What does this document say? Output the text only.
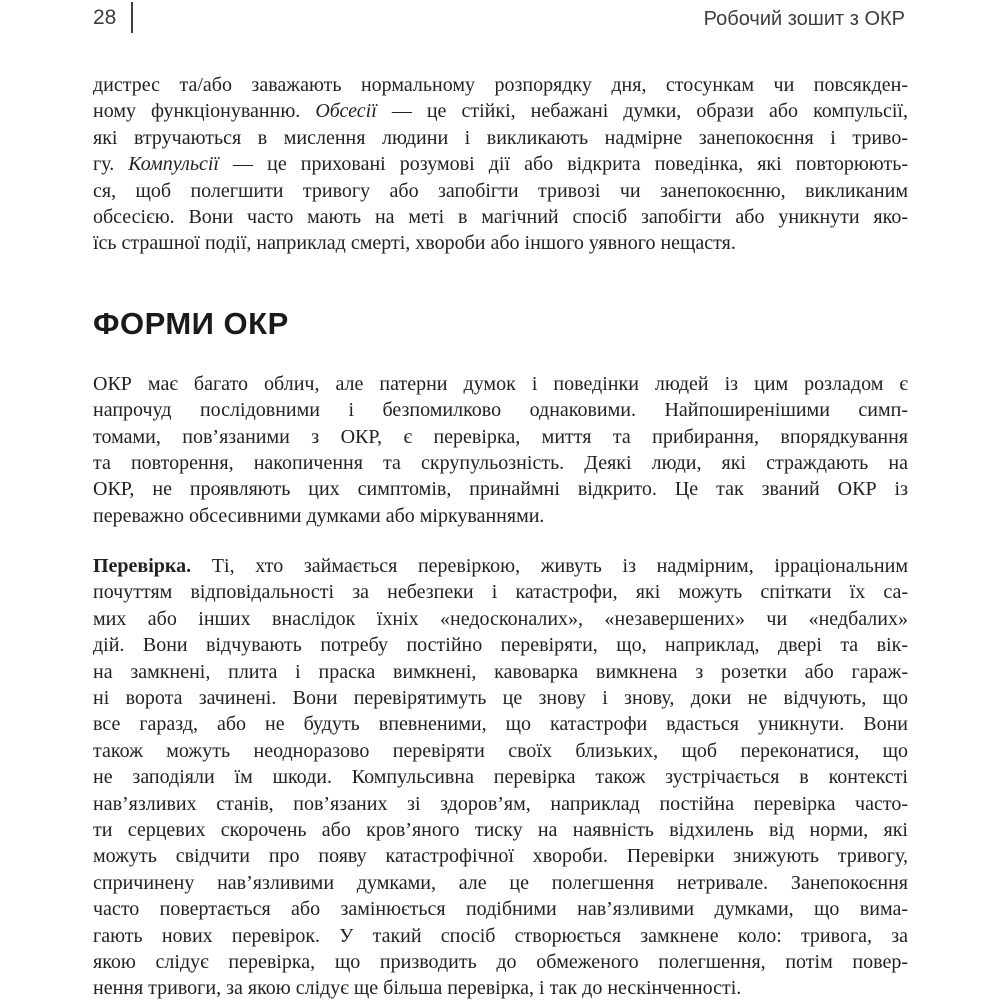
28	Робочий зошит з ОКР
дистрес та/або заважають нормальному розпорядку дня, стосункам чи повсякден-
ному функціонуванню. Обсесії — це стійкі, небажані думки, образи або компульсії,
які втручаються в мислення людини і викликають надмірне занепокоєння і триво-
гу. Компульсії — це приховані розумові дії або відкрита поведінка, які повторюють-
ся, щоб полегшити тривогу або запобігти тривозі чи занепокоєнню, викликаним
обсесією. Вони часто мають на меті в магічний спосіб запобігти або уникнути яко-
їсь страшної події, наприклад смерті, хвороби або іншого уявного нещастя.
ФОРМИ ОКР
ОКР має багато облич, але патерни думок і поведінки людей із цим розладом є
напрочуд послідовними і безпомилково однаковими. Найпоширенішими симп-
томами, пов’язаними з ОКР, є перевірка, миття та прибирання, впорядкування
та повторення, накопичення та скрупульозність. Деякі люди, які страждають на
ОКР, не проявляють цих симптомів, принаймні відкрито. Це так званий ОКР із
переважно обсесивними думками або міркуваннями.
Перевірка. Ті, хто займається перевіркою, живуть із надмірним, ірраціональним
почуттям відповідальності за небезпеки і катастрофи, які можуть спіткати їх са-
мих або інших внаслідок їхніх «недосконалих», «незавершених» чи «недбалих»
дій. Вони відчувають потребу постійно перевіряти, що, наприклад, двері та вік-
на замкнені, плита і праска вимкнені, кавоварка вимкнена з розетки або гараж-
ні ворота зачинені. Вони перевірятимуть це знову і знову, доки не відчують, що
все гаразд, або не будуть впевненими, що катастрофи вдасться уникнути. Вони
також можуть неодноразово перевіряти своїх близьких, щоб переконатися, що
не заподіяли їм шкоди. Компульсивна перевірка також зустрічається в контексті
нав’язливих станів, пов’язаних зі здоров’ям, наприклад постійна перевірка часто-
ти серцевих скорочень або кров’яного тиску на наявність відхилень від норми, які
можуть свідчити про появу катастрофічної хвороби. Перевірки знижують тривогу,
спричинену нав’язливими думками, але це полегшення нетривале. Занепокоєння
часто повертається або замінюється подібними нав’язливими думками, що вима-
гають нових перевірок. У такий спосіб створюється замкнене коло: тривога, за
якою слідує перевірка, що призводить до обмеженого полегшення, потім повер-
нення тривоги, за якою слідує ще більша перевірка, і так до нескінченності.
